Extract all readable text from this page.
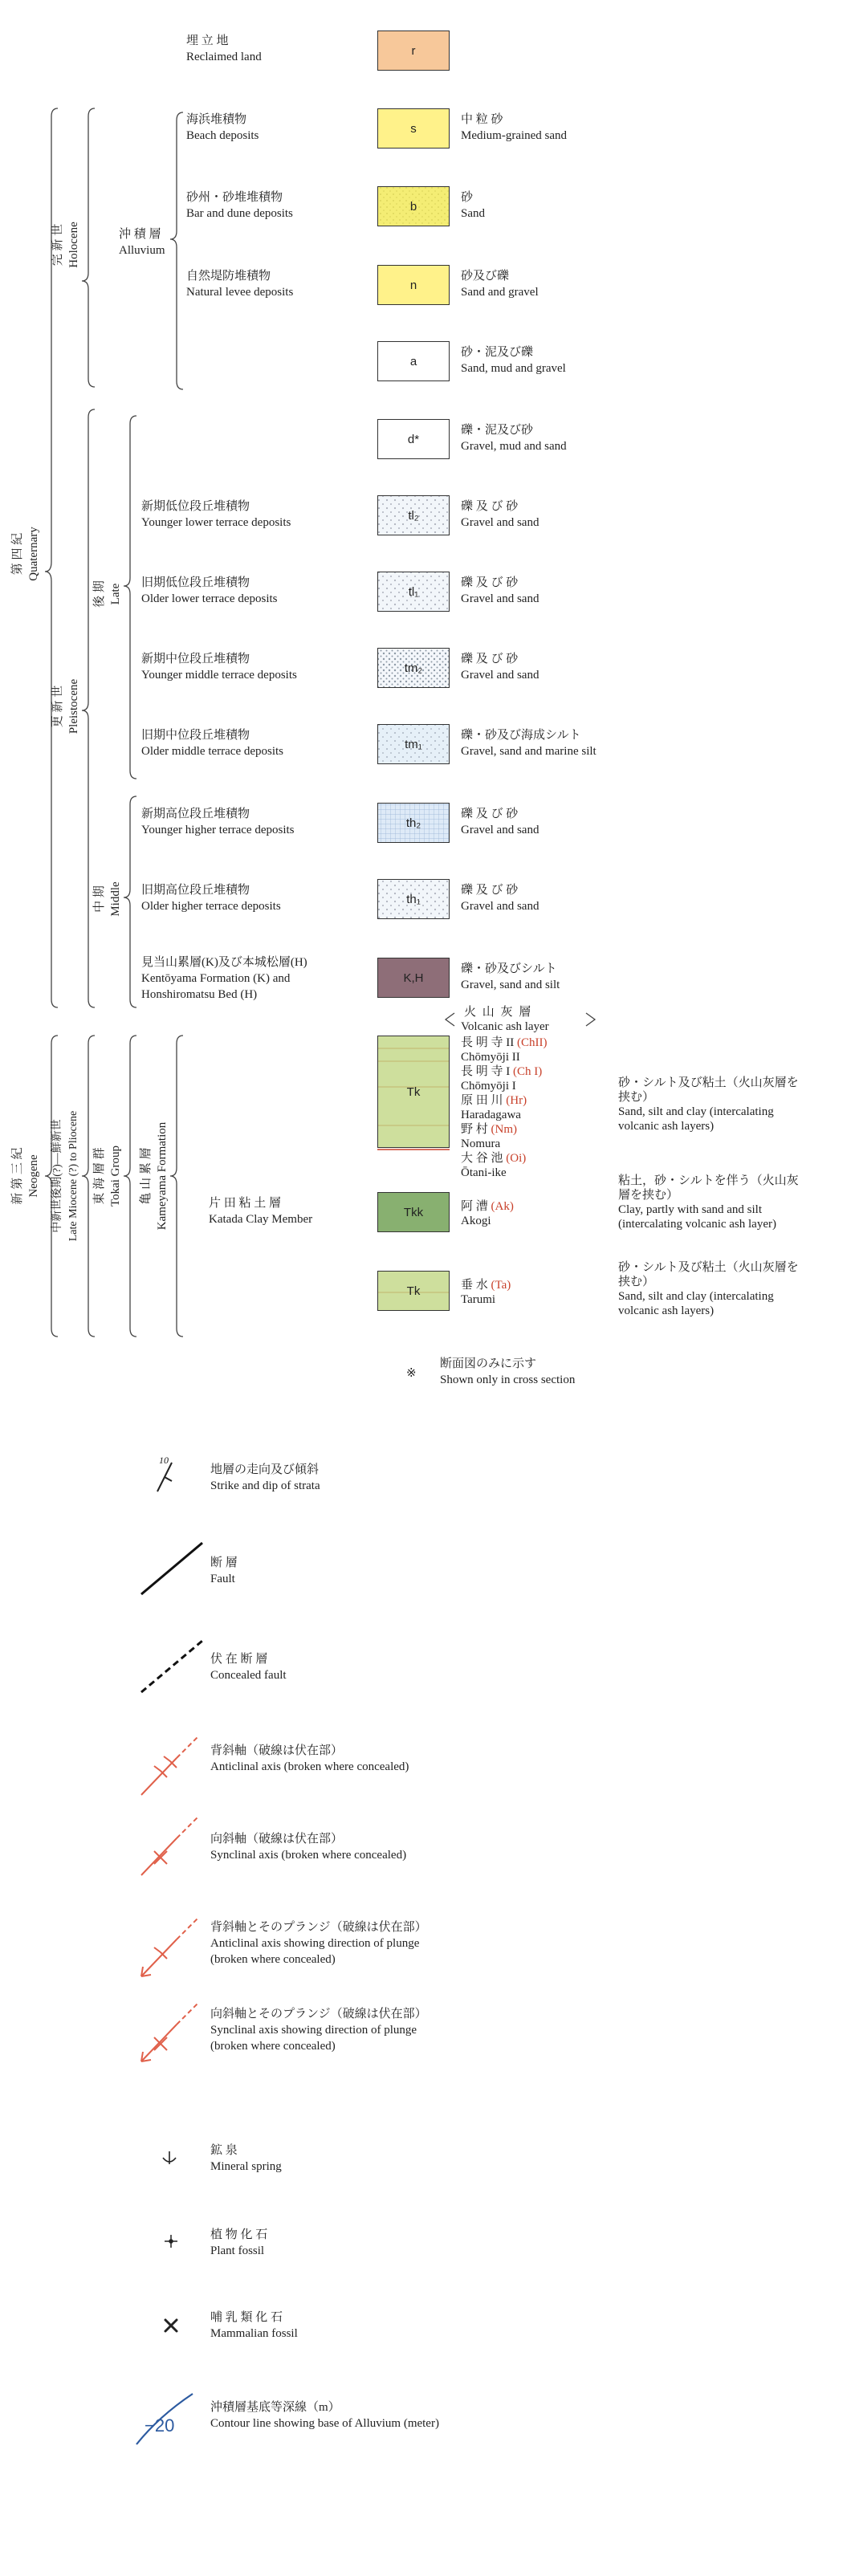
r
s
b
n
a
d*
tl₂
tl₁
tm₂
tm₁
th₂
th₁
K,H
Tk
Tkk
Tk
埋 立 地
Reclaimed land
海浜堆積物
Beach deposits
砂州・砂堆堆積物
Bar and dune deposits
自然堤防堆積物
Natural levee deposits
沖 積 層
Alluvium
新期低位段丘堆積物
Younger lower terrace deposits
旧期低位段丘堆積物
Older lower terrace deposits
新期中位段丘堆積物
Younger middle terrace deposits
旧期中位段丘堆積物
Older middle terrace deposits
新期高位段丘堆積物
Younger higher terrace deposits
旧期高位段丘堆積物
Older higher terrace deposits
見当山累層(K)及び本城松層(H)
Kentōyama Formation (K) and
Honshiromatsu Bed (H)
片 田 粘 土 層
Katada Clay Member
中 粒 砂
Medium-grained sand
砂
Sand
砂及び礫
Sand and gravel
砂・泥及び礫
Sand, mud and gravel
礫・泥及び砂
Gravel, mud and sand
礫 及 び 砂
Gravel and sand
礫 及 び 砂
Gravel and sand
礫 及 び 砂
Gravel and sand
礫・砂及び海成シルト
Gravel, sand and marine silt
礫 及 び 砂
Gravel and sand
礫 及 び 砂
Gravel and sand
礫・砂及びシルト
Gravel, sand and silt
火 山 灰 層
Volcanic ash layer
長 明 寺 II (ChII)
Chōmyōji II
長 明 寺 I (Ch I)
Chōmyōji I
原 田 川 (Hr)
Haradagawa
野 村 (Nm)
Nomura
大 谷 池 (Oi)
Ōtani-ike
阿 漕 (Ak)
Akogi
垂 水 (Ta)
Tarumi
砂・シルト及び粘土（火山灰層を
挟む）
Sand, silt and clay (intercalating
volcanic ash layers)
粘土，砂・シルトを伴う（火山灰
層を挟む）
Clay, partly with sand and silt
(intercalating volcanic ash layer)
砂・シルト及び粘土（火山灰層を
挟む）
Sand, silt and clay (intercalating
volcanic ash layers)
※
断面図のみに示す
Shown only in cross section
完 新 世 Holocene
第 四 紀 Quaternary
更 新 世 Pleistocene
後 期 Late
中 期 Middle
新 第 三 紀 Neogene 中新世後期(?)—鮮新世 Late Miocene (?) to Pliocene 東 海 層 群 Tokai Group 亀 山 累 層 Kameyama Formation
10
地層の走向及び傾斜
Strike and dip of strata
断 層
Fault
伏 在 断 層
Concealed fault
背斜軸（破線は伏在部）
Anticlinal axis (broken where concealed)
向斜軸（破線は伏在部）
Synclinal axis (broken where concealed)
背斜軸とそのプランジ（破線は伏在部）
Anticlinal axis showing direction of plunge
(broken where concealed)
向斜軸とそのプランジ（破線は伏在部）
Synclinal axis showing direction of plunge
(broken where concealed)
鉱 泉
Mineral spring
植 物 化 石
Plant fossil
哺 乳 類 化 石
Mammalian fossil
−20
沖積層基底等深線（m）
Contour line showing base of Alluvium (meter)
